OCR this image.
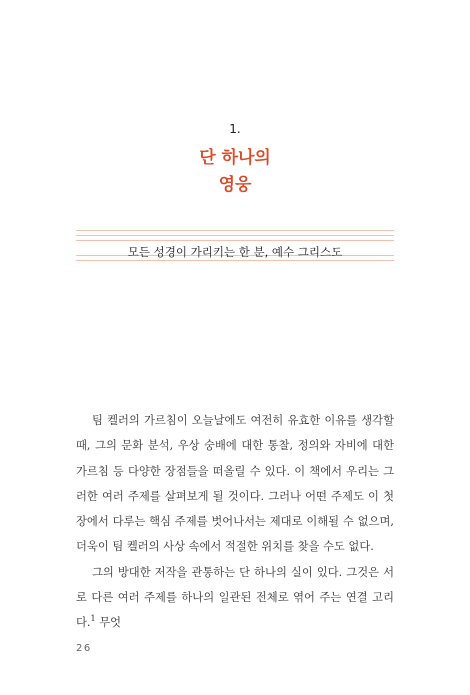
1.
단 하나의
영웅
모든 성경이 가리키는 한 분, 예수 그리스도

팀 켈러의 가르침이 오늘날에도 여전히 유효한 이유를 생각할 때, 그의 문화 분석, 우상 숭배에 대한 통찰, 정의와 자비에 대한 가르침 등 다양한 장점들을 떠올릴 수 있다. 이 책에서 우리는 그러한 여러 주제를 살펴보게 될 것이다. 그러나 어떤 주제도 이 첫 장에서 다루는 핵심 주제를 벗어나서는 제대로 이해될 수 없으며, 더욱이 팀 켈러의 사상 속에서 적절한 위치를 찾을 수도 없다.

그의 방대한 저작을 관통하는 단 하나의 실이 있다. 그것은 서로 다른 여러 주제를 하나의 일관된 전체로 엮어 주는 연결 고리다.$^1$ 무엇

26
